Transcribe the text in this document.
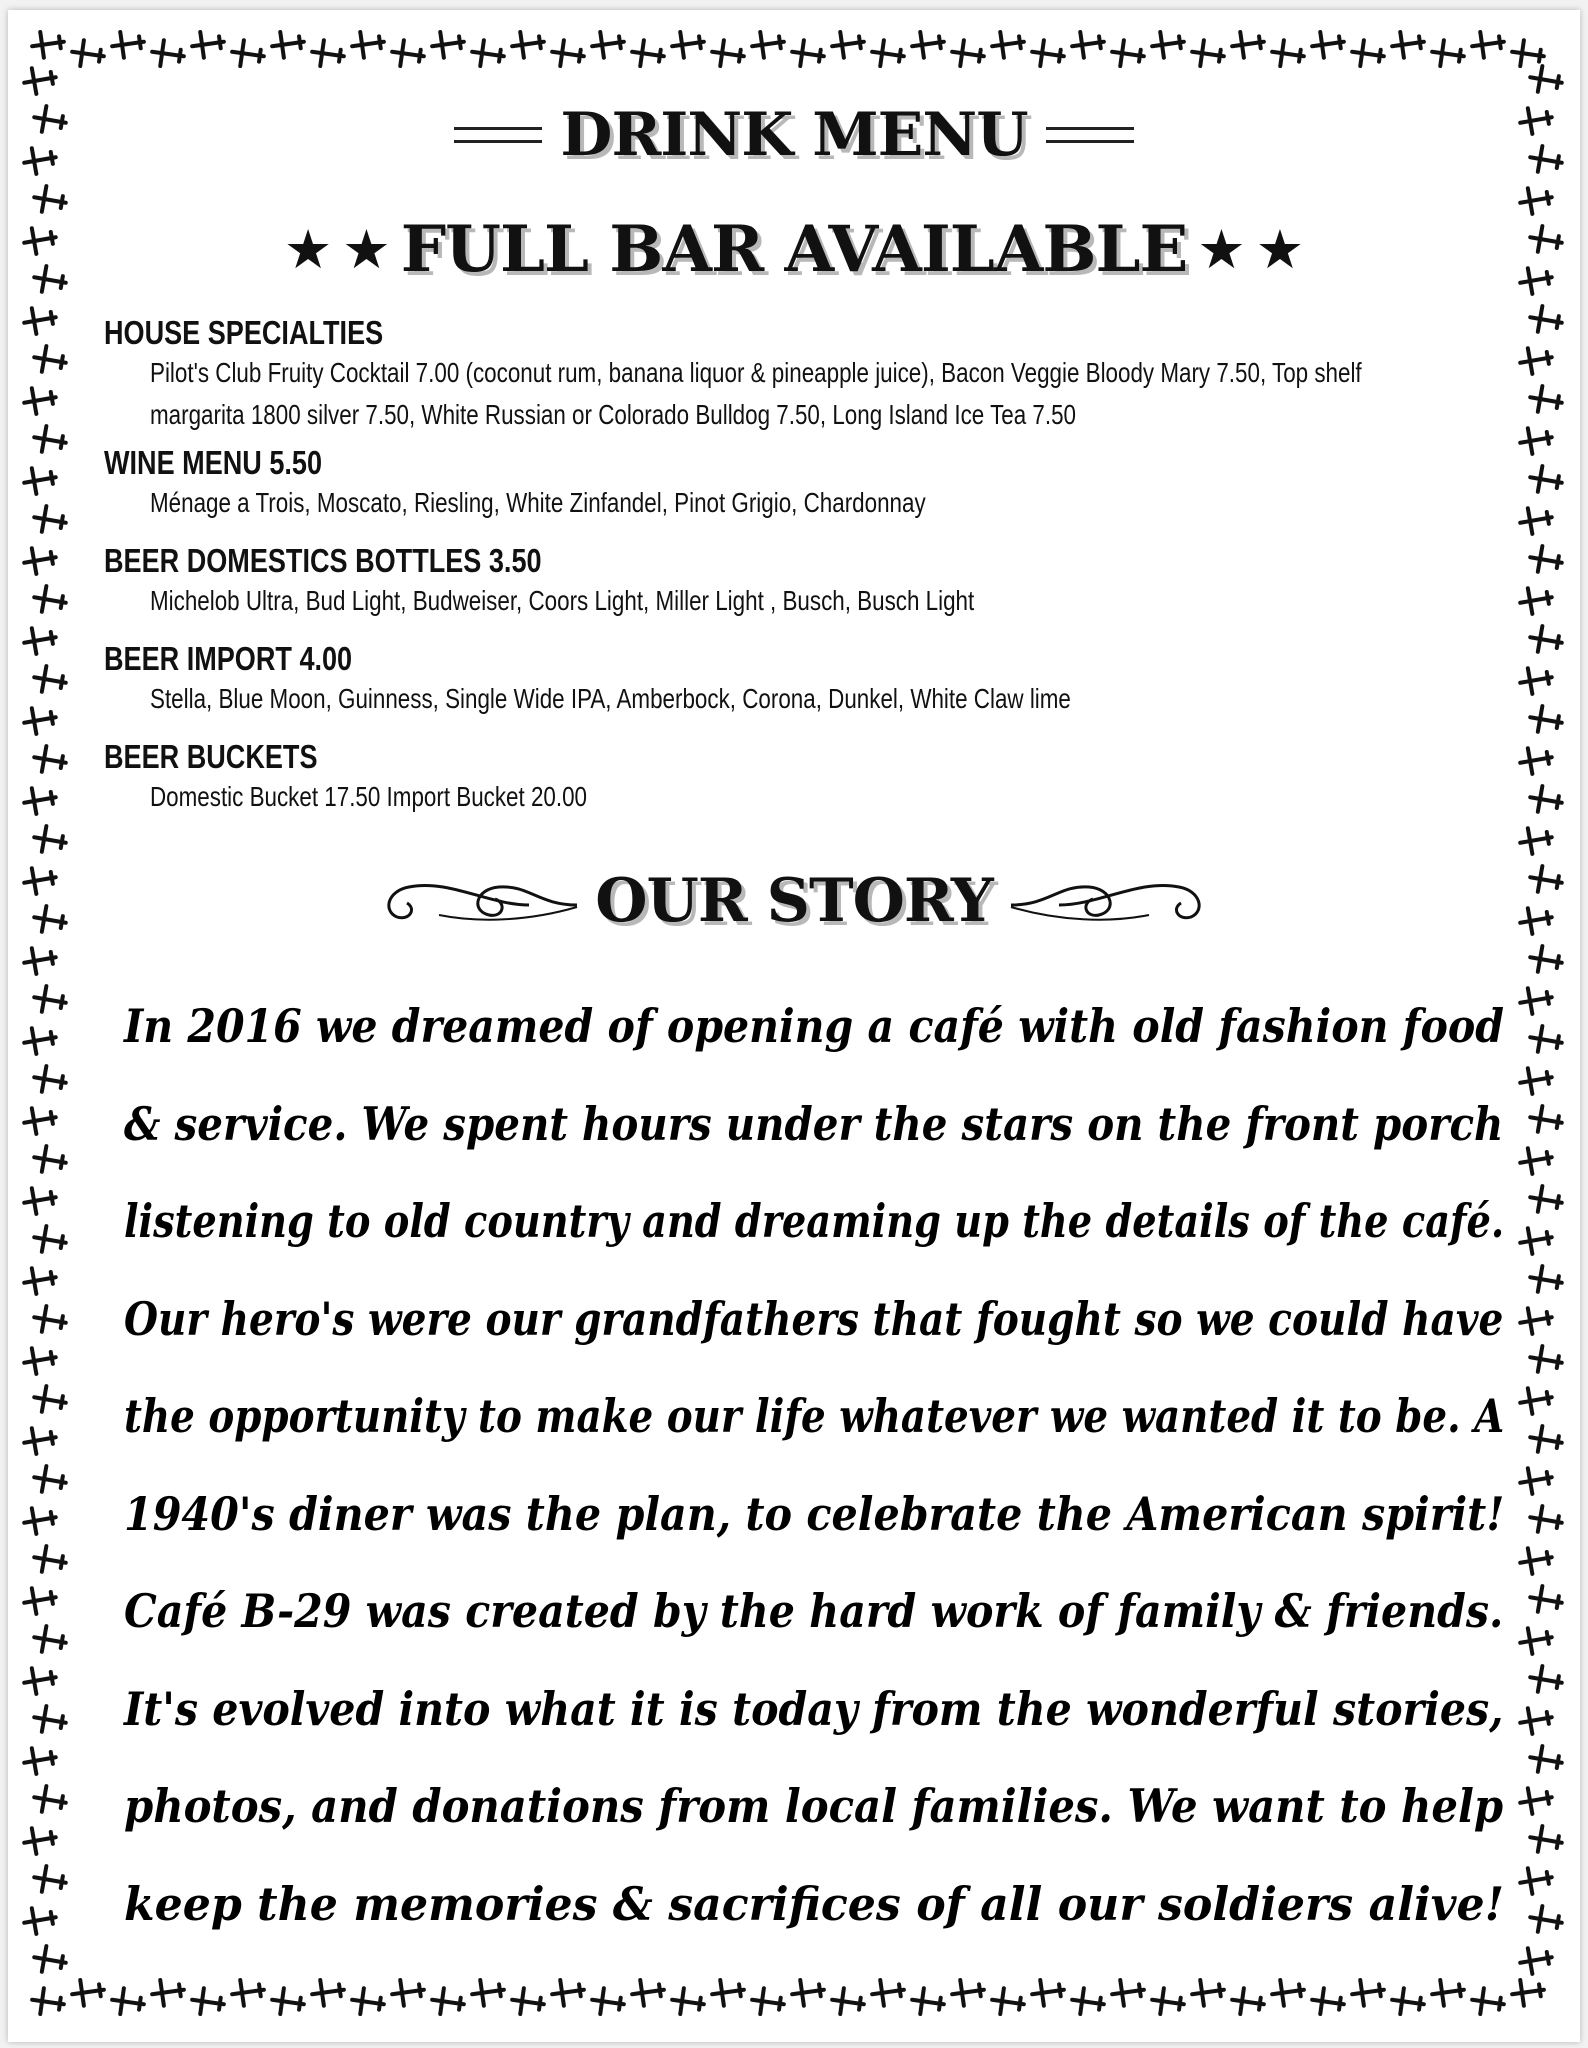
DRINK MENU
★ ★ FULL BAR AVAILABLE ★ ★

HOUSE SPECIALTIES

Pilot's Club Fruity Cocktail 7.00 (coconut rum, banana liquor & pineapple juice), Bacon Veggie Bloody Mary 7.50, Top shelf

margarita 1800 silver 7.50, White Russian or Colorado Bulldog 7.50, Long Island Ice Tea 7.50

WINE MENU 5.50

Ménage a Trois, Moscato, Riesling, White Zinfandel, Pinot Grigio, Chardonnay

BEER DOMESTICS BOTTLES 3.50

Michelob Ultra, Bud Light, Budweiser, Coors Light, Miller Light , Busch, Busch Light

BEER IMPORT 4.00

Stella, Blue Moon, Guinness, Single Wide IPA, Amberbock, Corona, Dunkel, White Claw lime

BEER BUCKETS

Domestic Bucket 17.50 Import Bucket 20.00

OUR STORY
In 2016 we dreamed of opening a café with old fashion food
& service. We spent hours under the stars on the front porch
listening to old country and dreaming up the details of the café.
Our hero's were our grandfathers that fought so we could have
the opportunity to make our life whatever we wanted it to be. A
1940's diner was the plan, to celebrate the American spirit!
Café B-29 was created by the hard work of family & friends.
It's evolved into what it is today from the wonderful stories,
photos, and donations from local families. We want to help
keep the memories & sacrifices of all our soldiers alive!
